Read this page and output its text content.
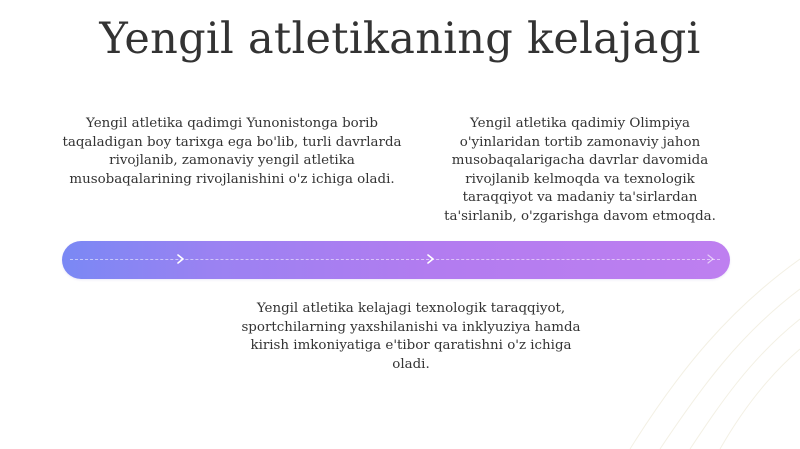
Yengil atletikaning kelajagi
Yengil atletika qadimgi Yunonistonga borib taqaladigan boy tarixga ega bo'lib, turli davrlarda rivojlanib, zamonaviy yengil atletika musobaqalarining rivojlanishini o'z ichiga oladi.
Yengil atletika qadimiy Olimpiya o'yinlaridan tortib zamonaviy jahon musobaqalarigacha davrlar davomida rivojlanib kelmoqda va texnologik taraqqiyot va madaniy ta'sirlardan ta'sirlanib, o'zgarishga davom etmoqda.
Yengil atletika kelajagi texnologik taraqqiyot, sportchilarning yaxshilanishi va inklyuziya hamda kirish imkoniyatiga e'tibor qaratishni o'z ichiga oladi.
